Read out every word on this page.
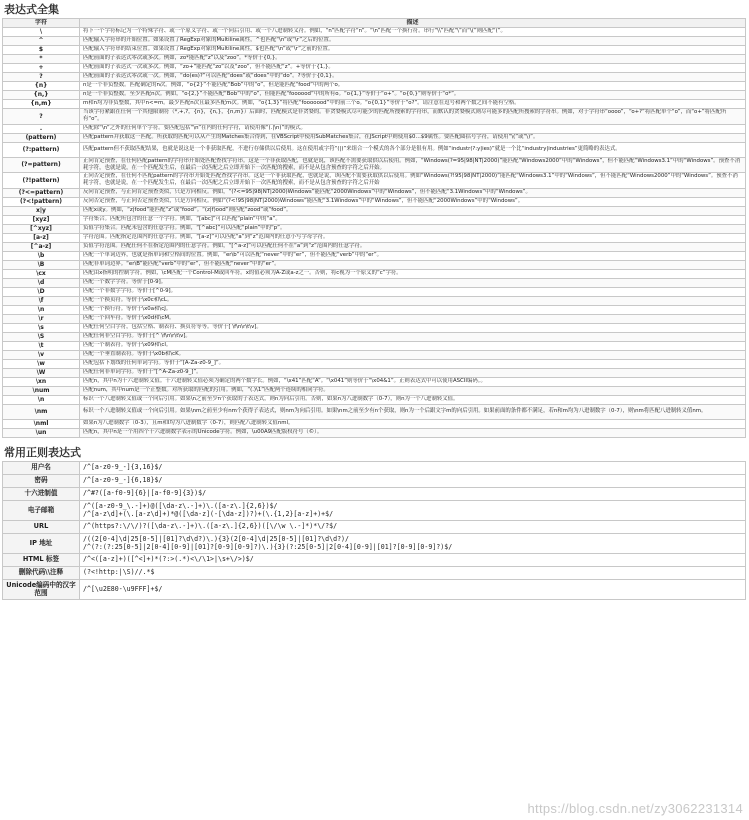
表达式全集
字符	描述
\	将下一个字符标记为一个特殊字符、或一个原义字符、或一个向后引用、或一个八进制转义符。例如，“n”匹配字符“n”。“\n”匹配一个换行符。串行“\\”匹配“\”而“\(”则匹配“(”。
^	匹配输入字符串的开始位置。如果设置了RegExp对象的Multiline属性，^也匹配“\n”或“\r”之后的位置。
$	匹配输入字符串的结束位置。如果设置了RegExp对象的Multiline属性，$也匹配“\n”或“\r”之前的位置。
*	匹配前面的子表达式零次或多次。例如，zo*能匹配“z”以及“zoo”。*等价于{0,}。
+	匹配前面的子表达式一次或多次。例如，“zo+”能匹配“zo”以及“zoo”，但不能匹配“z”。+等价于{1,}。
?	匹配前面的子表达式零次或一次。例如，“do(es)?”可以匹配“does”或“does”中的“do”。?等价于{0,1}。
{n}	n是一个非负整数。匹配确定的n次。例如，“o{2}”不能匹配“Bob”中的“o”，但是能匹配“food”中的两个o。
{n,}	n是一个非负整数。至少匹配n次。例如，“o{2,}”不能匹配“Bob”中的“o”，但能匹配“foooood”中的所有o。“o{1,}”等价于“o+”。“o{0,}”则等价于“o*”。
{n,m}	m和n均为非负整数，其中n<=m。最少匹配n次且最多匹配m次。例如，“o{1,3}”将匹配“fooooood”中的前三个o。“o{0,1}”等价于“o?”。请注意在逗号和两个数之间不能有空格。
?	当该字符紧跟在任何一个其他限制符（*,+,?，{n}，{n,}，{n,m}）后面时，匹配模式是非贪婪的。非贪婪模式尽可能少的匹配所搜索的字符串，而默认的贪婪模式则尽可能多的匹配所搜索的字符串。例如，对于字符串“oooo”，“o+?”将匹配单个“o”，而“o+”将匹配所有“o”。
.	匹配除“\n”之外的任何单个字符。要匹配包括“\n”在内的任何字符，请使用像“(.|\n)”的模式。
(pattern)	匹配pattern并获取这一匹配。所获取的匹配可以从产生的Matches集合得到，在VBScript中使用SubMatches集合，在JScript中则使用$0…$9属性。要匹配圆括号字符，请使用“\(”或“\)”。
(?:pattern)	匹配pattern但不获取匹配结果，也就是说这是一个非获取匹配，不进行存储供以后使用。这在使用或字符“(|)”来组合一个模式的各个部分是很有用。例如“industr(?:y|ies)”就是一个比“industry|industries”更简略的表达式。
(?=pattern)	正向肯定预查，在任何匹配pattern的字符串开始处匹配查找字符串。这是一个非获取匹配，也就是说，该匹配不需要获取供以后使用。例如，“Windows(?=95|98|NT|2000)”能匹配“Windows2000”中的“Windows”，但不能匹配“Windows3.1”中的“Windows”。预查不消耗字符，也就是说，在一个匹配发生后，在最后一次匹配之后立即开始下一次匹配的搜索，而不是从包含预查的字符之后开始。
(?!pattern)	正向否定预查，在任何不匹配pattern的字符串开始处匹配查找字符串。这是一个非获取匹配，也就是说，该匹配不需要获取供以后使用。例如“Windows(?!95|98|NT|2000)”能匹配“Windows3.1”中的“Windows”，但不能匹配“Windows2000”中的“Windows”。预查不消耗字符，也就是说，在一个匹配发生后，在最后一次匹配之后立即开始下一次匹配的搜索，而不是从包含预查的字符之后开始
(?<=pattern)	反向肯定预查，与正向肯定预查类似，只是方向相反。例如，“(?<=95|98|NT|2000)Windows”能匹配“2000Windows”中的“Windows”，但不能匹配“3.1Windows”中的“Windows”。
(?<!pattern)	反向否定预查，与正向否定预查类似，只是方向相反。例如“(?<!95|98|NT|2000)Windows”能匹配“3.1Windows”中的“Windows”，但不能匹配“2000Windows”中的“Windows”。
x|y	匹配x或y。例如，“z|food”能匹配“z”或“food”。“(z|f)ood”则匹配“zood”或“food”。
[xyz]	字符集合。匹配所包含的任意一个字符。例如，“[abc]”可以匹配“plain”中的“a”。
[^xyz]	负值字符集合。匹配未包含的任意字符。例如，“[^abc]”可以匹配“plain”中的“p”。
[a-z]	字符范围。匹配指定范围内的任意字符。例如，“[a-z]”可以匹配“a”到“z”范围内的任意小写字母字符。
[^a-z]	负值字符范围。匹配任何不在指定范围内的任意字符。例如，“[^a-z]”可以匹配任何不在“a”到“z”范围内的任意字符。
\b	匹配一个单词边界，也就是指单词和空格间的位置。例如，“er\b”可以匹配“never”中的“er”，但不能匹配“verb”中的“er”。
\B	匹配非单词边界。“er\B”能匹配“verb”中的“er”，但不能匹配“never”中的“er”。
\cx	匹配由x指明的控制字符。例如，\cM匹配一个Control-M或回车符。x的值必须为A-Z或a-z之一。否则，将c视为一个原义的“c”字符。
\d	匹配一个数字字符。等价于[0-9]。
\D	匹配一个非数字字符。等价于[^0-9]。
\f	匹配一个换页符。等价于\x0c和\cL。
\n	匹配一个换行符。等价于\x0a和\cJ。
\r	匹配一个回车符。等价于\x0d和\cM。
\s	匹配任何空白字符，包括空格、制表符、换页符等等。等价于[ \f\n\r\t\v]。
\S	匹配任何非空白字符。等价于[^ \f\n\r\t\v]。
\t	匹配一个制表符。等价于\x09和\cI。
\v	匹配一个垂直制表符。等价于\x0b和\cK。
\w	匹配包括下划线的任何单词字符。等价于“[A-Za-z0-9_]”。
\W	匹配任何非单词字符。等价于“[^A-Za-z0-9_]”。
\xn	匹配n，其中n为十六进制转义值。十六进制转义值必须为确定的两个数字长。例如，“\x41”匹配“A”。“\x041”则等价于“\x04&1”。正则表达式中可以使用ASCII编码。。
\num	匹配num，其中num是一个正整数。对所获取的匹配的引用。例如，“(.)\1”匹配两个连续的相同字符。
\n	标识一个八进制转义值或一个向后引用。如果\n之前至少n个获取的子表达式，则n为向后引用。否则，如果n为八进制数字（0-7），则n为一个八进制转义值。
\nm	标识一个八进制转义值或一个向后引用。如果\nm之前至少有nm个获得子表达式，则nm为向后引用。如果\nm之前至少有n个获取，则n为一个后跟文字m的向后引用。如果前面的条件都不满足，若n和m均为八进制数字（0-7），则\nm将匹配八进制转义值nm。
\nml	如果n为八进制数字（0-3），且m和l均为八进制数字（0-7），则匹配八进制转义值nml。
\un	匹配n，其中n是一个用四个十六进制数字表示的Unicode字符。例如，\u00A9匹配版权符号（©）。
常用正则表达式
用户名	/^[a-z0-9_-]{3,16}$/
密码	/^[a-z0-9_-]{6,18}$/
十六进制值	/^#?([a-f0-9]{6}|[a-f0-9]{3})$/
电子邮箱	/^([a-z0-9_\.-]+)@([\da-z\.-]+)\.([a-z\.]{2,6})$/
/^[a-z\d]+(\.[a-z\d]+)*@([\da-z](-[\da-z])?)+(\.{1,2}[a-z]+)+$/
URL	/^(https?:\/\/)?([\da-z\.-]+)\.([a-z\.]{2,6})([\/\w \.-]*)*\/?$/
IP 地址	/((2[0-4]\d|25[0-5]|[01]?\d\d?)\.){3}(2[0-4]\d|25[0-5]|[01]?\d\d?)/
/^(?:(?:25[0-5]|2[0-4][0-9]|[01]?[0-9][0-9]?)\.){3}(?:25[0-5]|2[0-4][0-9]|[01]?[0-9][0-9]?)$/
HTML 标签	/^<([a-z]+)([^<]+)*(?:>(.*)<\/\1>|\s+\/>)$/
删除代码\\注释	(?<!http:|\S)//.*$
Unicode编码中的汉字范围	/^[\u2E80-\u9FFF]+$/
https://blog.csdn.net/zy3062231314
